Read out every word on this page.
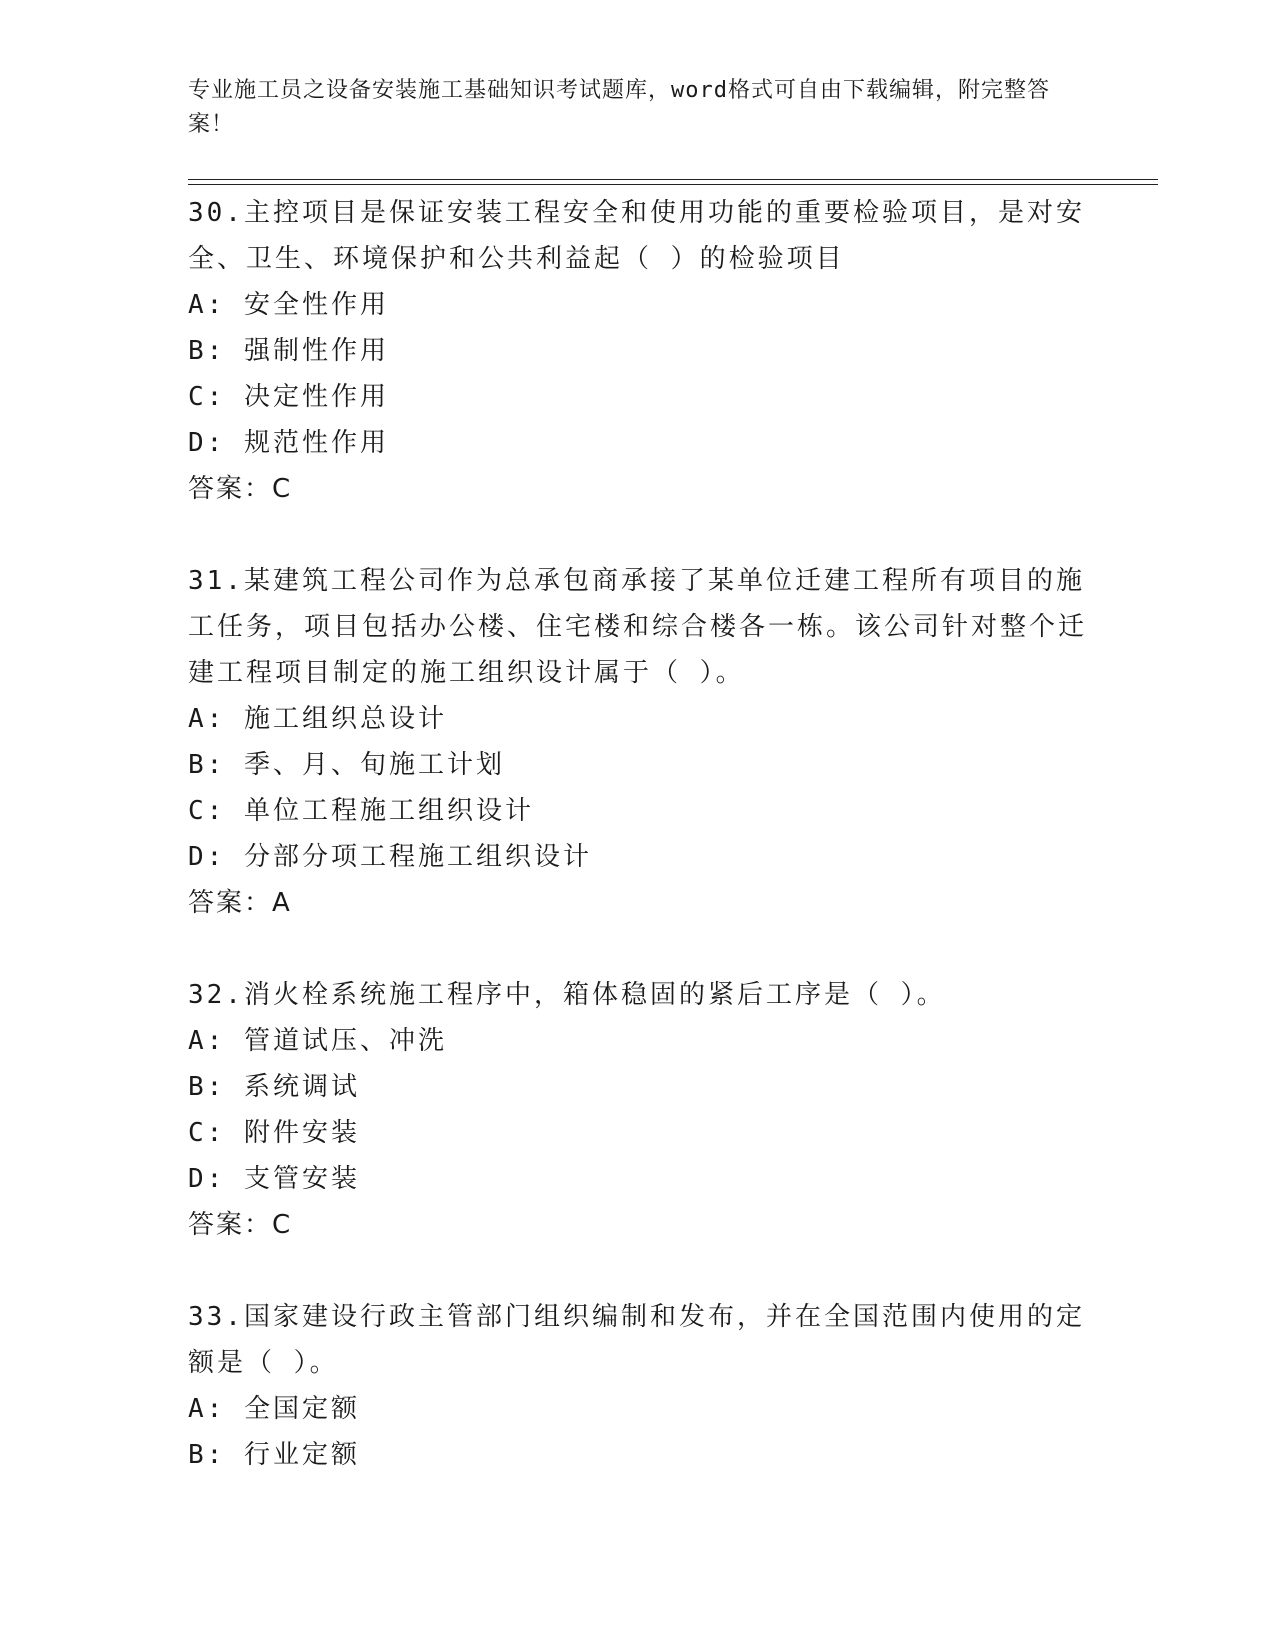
专业施工员之设备安装施工基础知识考试题库，word格式可自由下载编辑，附完整答案！

30.主控项目是保证安装工程安全和使用功能的重要检验项目，是对安全、卫生、环境保护和公共利益起（ ）的检验项目

A: 安全性作用

B: 强制性作用

C: 决定性作用

D: 规范性作用

答案：C

31.某建筑工程公司作为总承包商承接了某单位迁建工程所有项目的施工任务，项目包括办公楼、住宅楼和综合楼各一栋。该公司针对整个迁建工程项目制定的施工组织设计属于（ ）。

A: 施工组织总设计

B: 季、月、旬施工计划

C: 单位工程施工组织设计

D: 分部分项工程施工组织设计

答案：A

32.消火栓系统施工程序中，箱体稳固的紧后工序是（ ）。

A: 管道试压、冲洗

B: 系统调试

C: 附件安装

D: 支管安装

答案：C

33.国家建设行政主管部门组织编制和发布，并在全国范围内使用的定额是（ ）。

A: 全国定额

B: 行业定额
